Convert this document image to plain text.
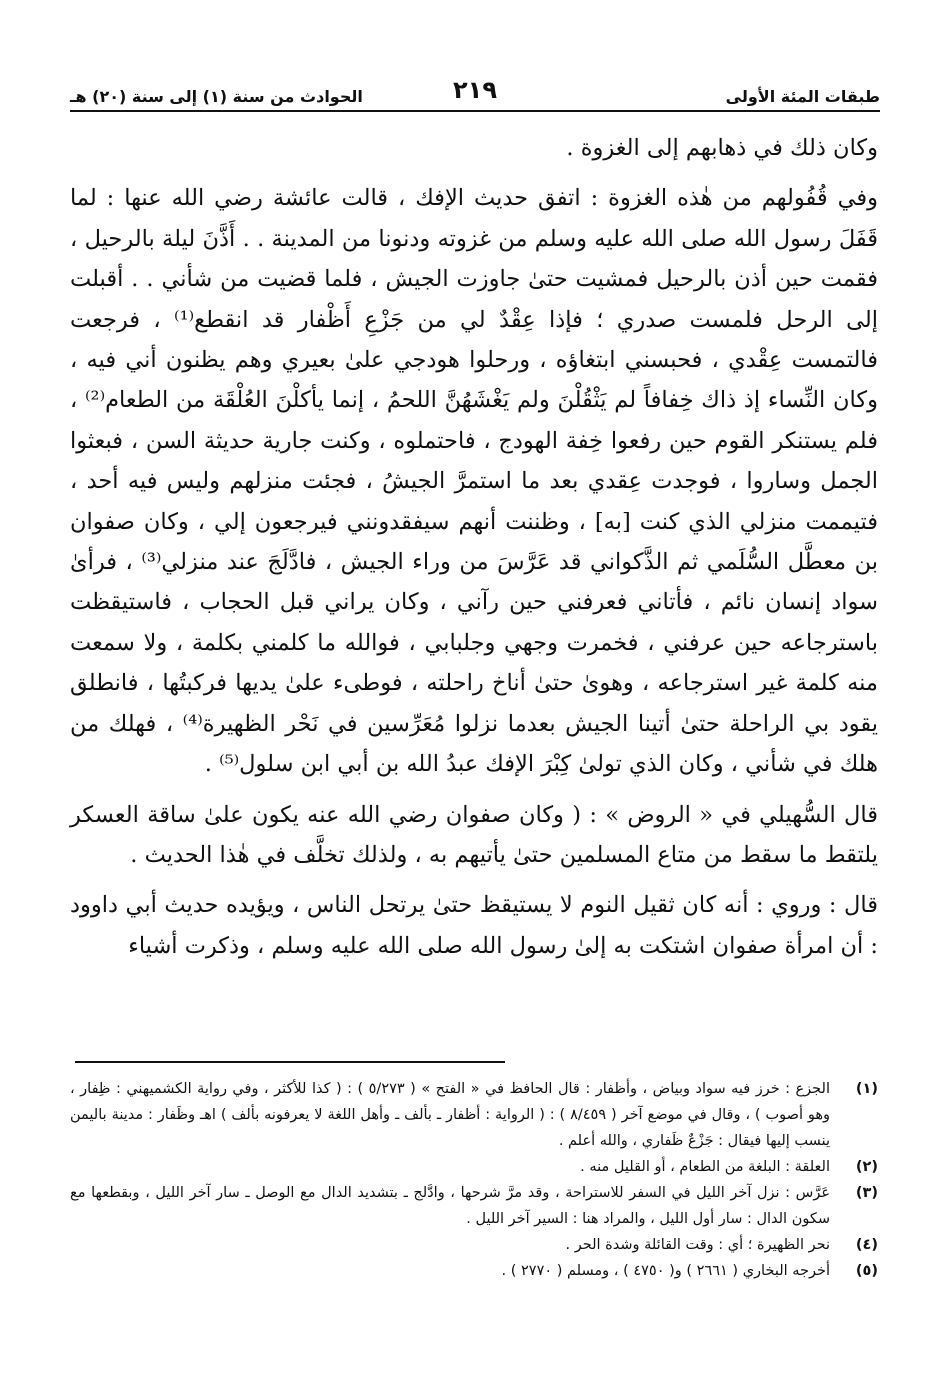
طبقات المئة الأولى
٢١٩
الحوادث من سنة (١) إلى سنة (٢٠) هـ

وكان ذلك في ذهابهم إلى الغزوة .

وفي قُفُولهم من هٰذه الغزوة : اتفق حديث الإفك ، قالت عائشة رضي الله عنها : لما قَفَلَ رسول الله صلى الله عليه وسلم من غزوته ودنونا من المدينة . . أَذَّنَ ليلة بالرحيل ، فقمت حين أذن بالرحيل فمشيت حتىٰ جاوزت الجيش ، فلما قضيت من شأني . . أقبلت إلى الرحل فلمست صدري ؛ فإذا عِقْدٌ لي من جَزْعِ أَظْفار قد انقطع⁽¹⁾ ، فرجعت فالتمست عِقْدي ، فحبسني ابتغاؤه ، ورحلوا هودجي علىٰ بعيري وهم يظنون أني فيه ، وكان النِّساء إذ ذاك خِفافاً لم يَثْقُلْنَ ولم يَغْشَهُنَّ اللحمُ ، إنما يأكلْنَ العُلْقَة من الطعام⁽²⁾ ، فلم يستنكر القوم حين رفعوا خِفة الهودج ، فاحتملوه ، وكنت جارية حديثة السن ، فبعثوا الجمل وساروا ، فوجدت عِقدي بعد ما استمرَّ الجيشُ ، فجئت منزلهم وليس فيه أحد ، فتيممت منزلي الذي كنت [به] ، وظننت أنهم سيفقدونني فيرجعون إلي ، وكان صفوان بن معطَّل السُّلَمي ثم الذَّكواني قد عَرَّسَ من وراء الجيش ، فادَّلَجَ عند منزلي⁽³⁾ ، فرأىٰ سواد إنسان نائم ، فأتاني فعرفني حين رآني ، وكان يراني قبل الحجاب ، فاستيقظت باسترجاعه حين عرفني ، فخمرت وجهي وجلبابي ، فوالله ما كلمني بكلمة ، ولا سمعت منه كلمة غير استرجاعه ، وهوىٰ حتىٰ أناخ راحلته ، فوطىء علىٰ يديها فركبتُها ، فانطلق يقود بي الراحلة حتىٰ أتينا الجيش بعدما نزلوا مُعَرِّسين في نَحْر الظهيرة⁽⁴⁾ ، فهلك من هلك في شأني ، وكان الذي تولىٰ كِبْرَ الإفك عبدُ الله بن أبي ابن سلول⁽⁵⁾ .

قال السُّهيلي في « الروض » : ( وكان صفوان رضي الله عنه يكون علىٰ ساقة العسكر يلتقط ما سقط من متاع المسلمين حتىٰ يأتيهم به ، ولذلك تخلَّف في هٰذا الحديث .

قال : وروي : أنه كان ثقيل النوم لا يستيقظ حتىٰ يرتحل الناس ، ويؤيده حديث أبي داوود : أن امرأة صفوان اشتكت به إلىٰ رسول الله صلى الله عليه وسلم ، وذكرت أشياء

(١)
الجزع : خرز فيه سواد وبياض ، وأظفار : قال الحافظ في « الفتح » ( ٥/٢٧٣ ) : ( كذا للأكثر ، وفي رواية الكشميهني : ظِفار ، وهو أصوب ) ، وقال في موضع آخر ( ٨/٤٥٩ ) : ( الرواية : أظفار ـ بألف ـ وأهل اللغة لا يعرفونه بألف ) اهـ وظَفار : مدينة باليمن ينسب إليها فيقال : جَزْعٌ ظَفاري ، والله أعلم .
(٢)
العلقة : البلغة من الطعام ، أو القليل منه .
(٣)
عَرَّس : نزل آخر الليل في السفر للاستراحة ، وقد مرَّ شرحها ، وادَّلج ـ بتشديد الدال مع الوصل ـ سار آخر الليل ، وبقطعها مع سكون الدال : سار أول الليل ، والمراد هنا : السير آخر الليل .
(٤)
نحر الظهيرة ؛ أي : وقت القائلة وشدة الحر .
(٥)
أخرجه البخاري ( ٢٦٦١ ) و( ٤٧٥٠ ) ، ومسلم ( ٢٧٧٠ ) .
